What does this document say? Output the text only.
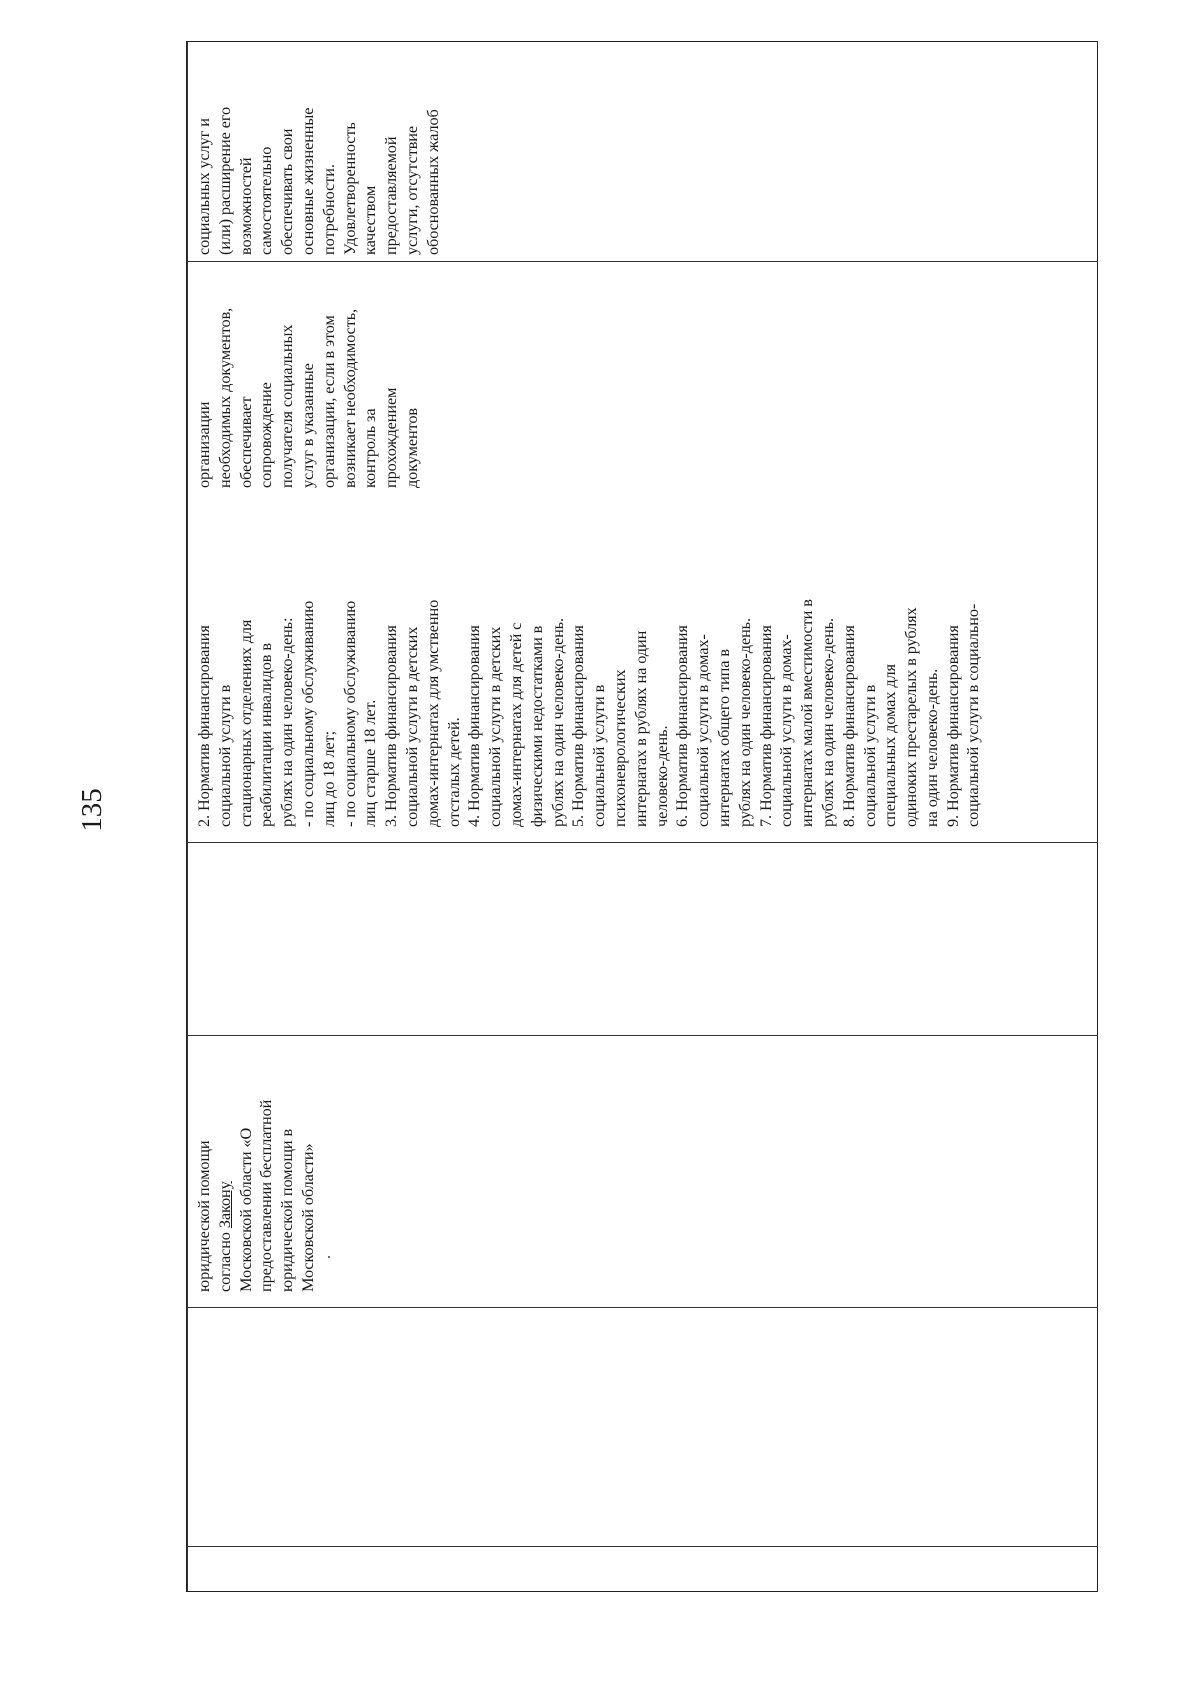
135
юридической помощи согласно Закону Московской области «О предоставлении бесплатной юридической помощи в Московской области»
2. Норматив финансирования социальной услуги в стационарных отделениях для реабилитации инвалидов в рублях на один человеко-день: - по социальному обслуживанию лиц до 18 лет; - по социальному обслуживанию лиц старше 18 лет. 3. Норматив финансирования социальной услуги в детских домах-интернатах для умственно отсталых детей. 4. Норматив финансирования социальной услуги в детских домах-интернатах для детей с физическими недостатками в рублях на один человеко-день. 5. Норматив финансирования социальной услуги в психоневрологических интернатах в рублях на один человеко-день. 6. Норматив финансирования социальной услуги в домах- интернатах общего типа в рублях на один человеко-день. 7. Норматив финансирования социальной услуги в домах- интернатах малой вместимости в рублях на один человеко-день. 8. Норматив финансирования социальной услуги в специальных домах для одиноких престарелых в рублях на один человеко-день. 9. Норматив финансирования социальной услуги в социально-
организации необходимых документов, обеспечивает сопровождение получателя социальных услуг в указанные организации, если в этом возникает необходимость, контроль за прохождением документов
социальных услуг и (или) расширение его возможностей самостоятельно обеспечивать свои основные жизненные потребности. Удовлетворенность качеством предоставляемой услуги, отсутствие обоснованных жалоб
